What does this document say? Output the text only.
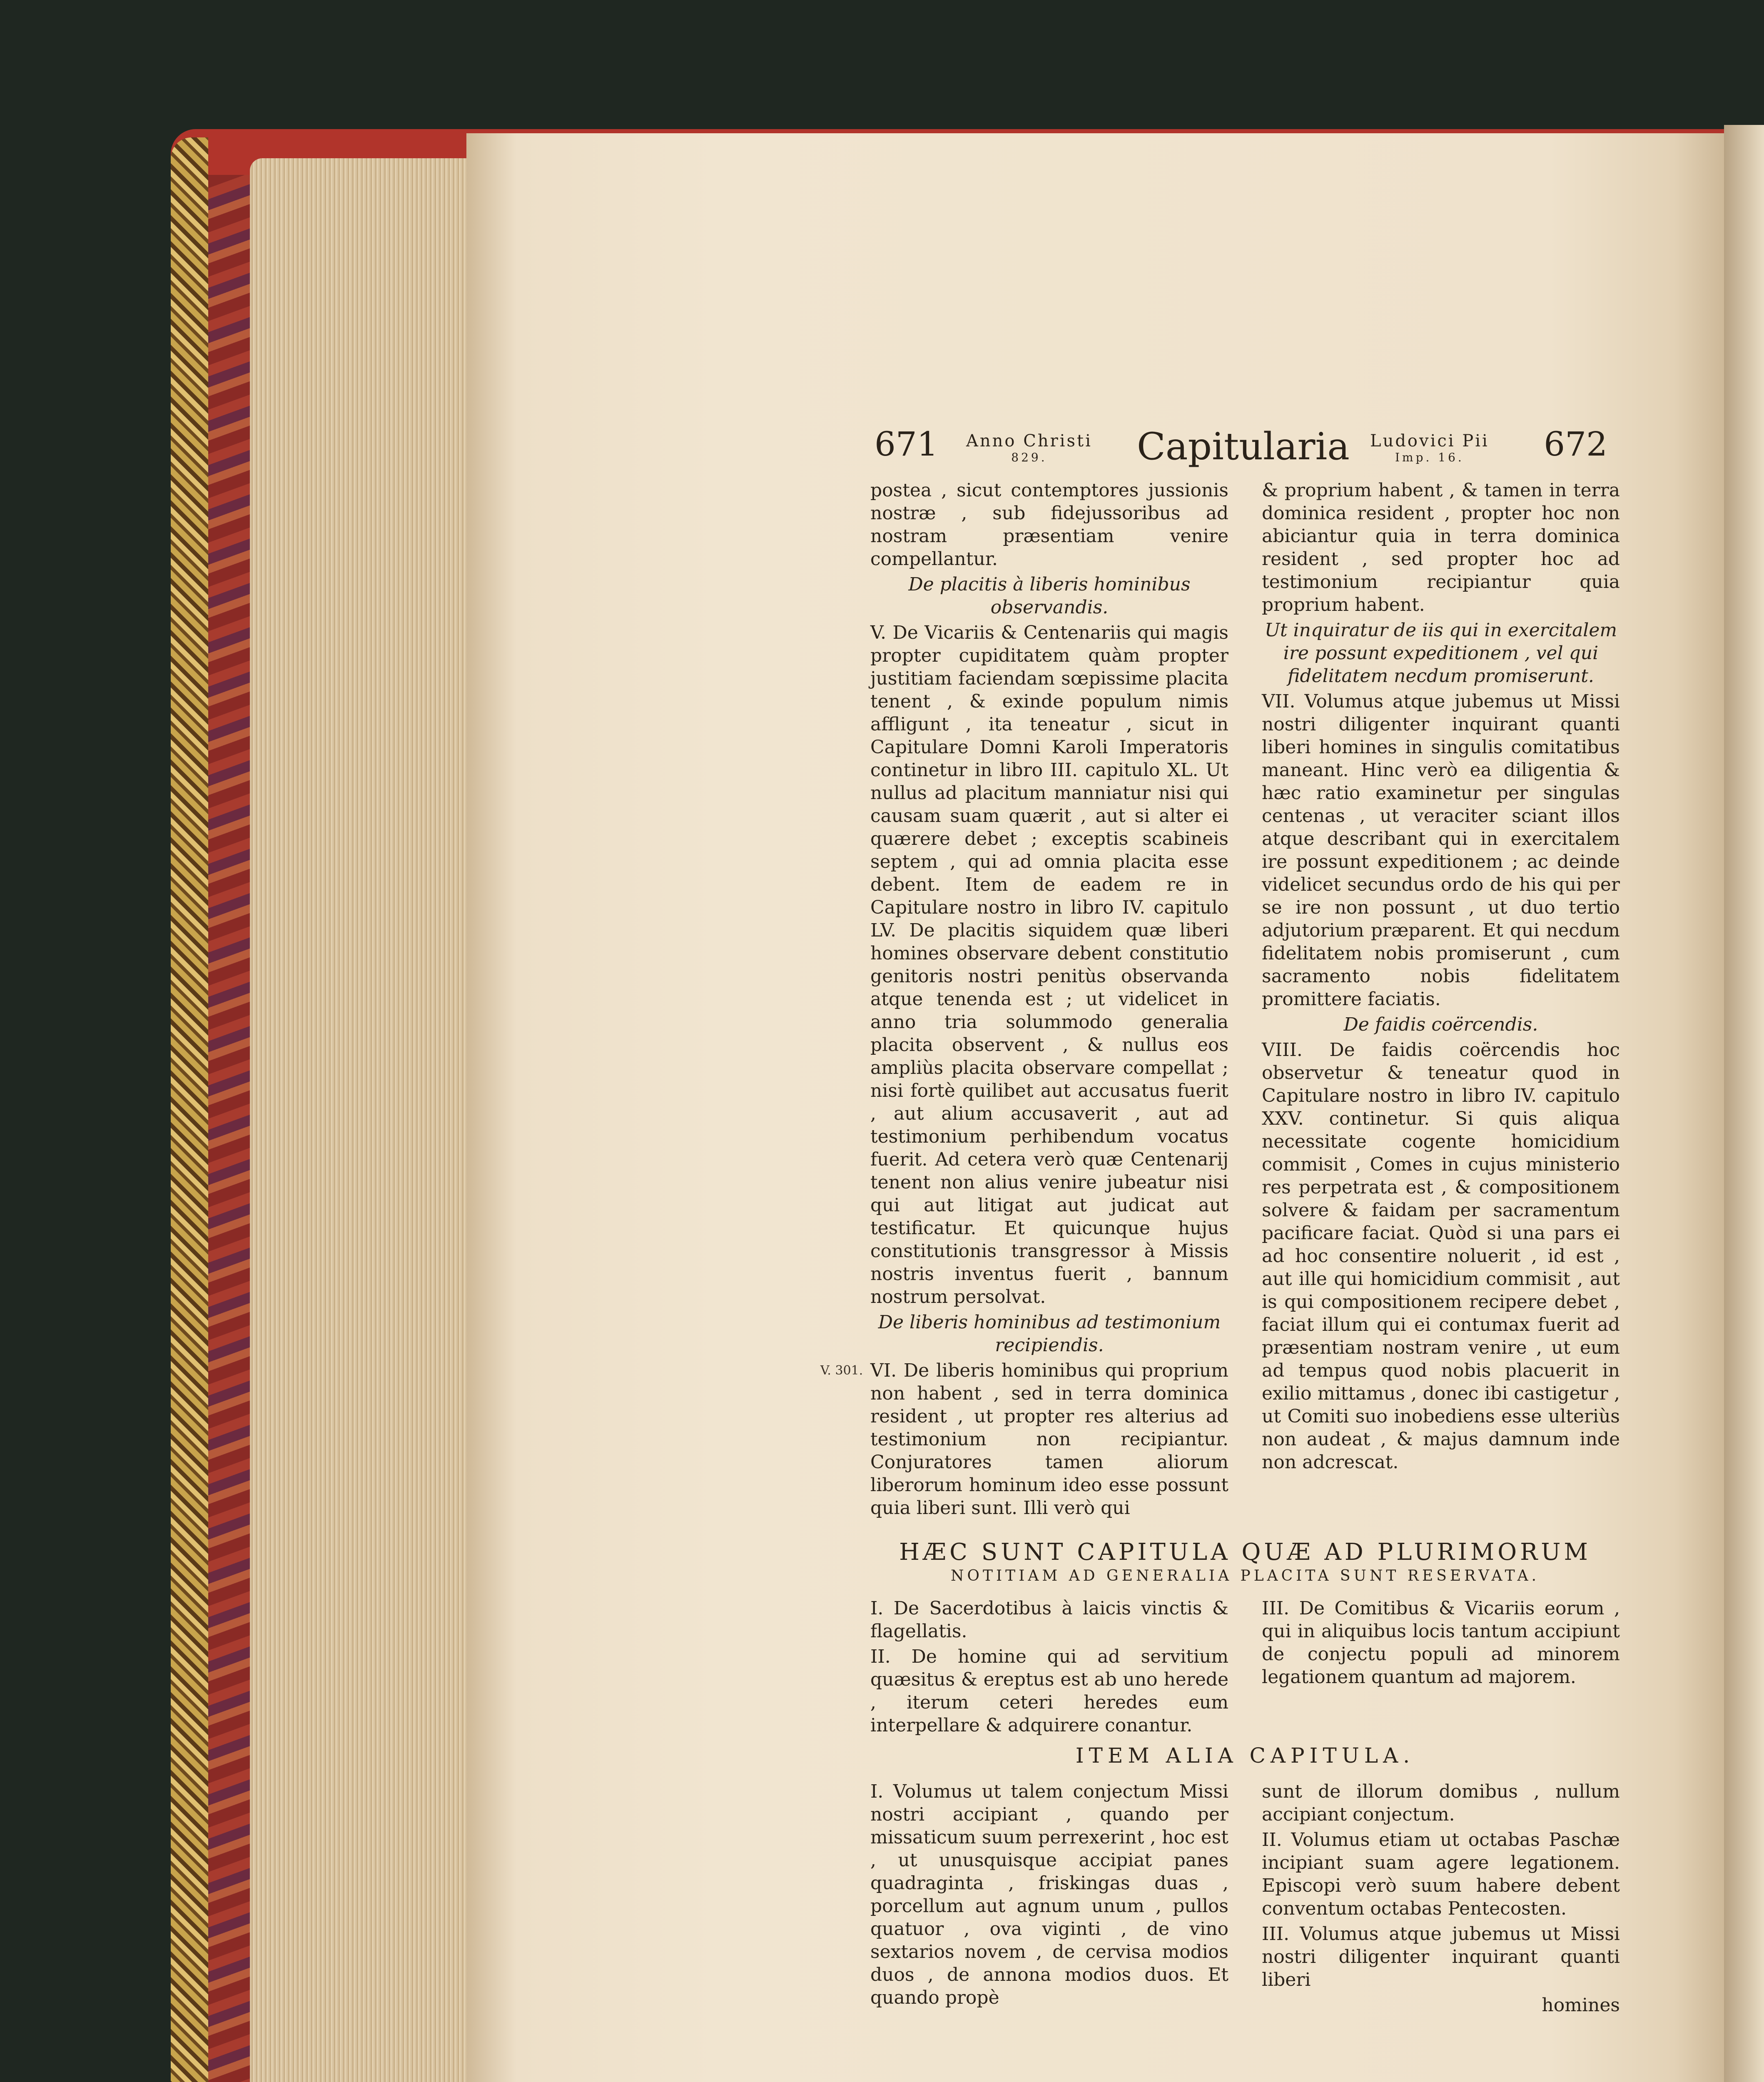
671 Anno Christi
829.	Capitularia Ludovici Pii
Imp. 16.	672

postea , sicut contemptores jussionis nostræ , sub fidejussoribus ad nostram præsentiam venire compellantur.

De placitis à liberis hominibus observandis.

V. De Vicariis & Centenariis qui magis propter cupiditatem quàm propter justitiam faciendam sœpissime placita tenent , & exinde populum nimis affligunt , ita teneatur , sicut in Capitulare Domni Karoli Imperatoris continetur in libro III. capitulo XL. Ut nullus ad placitum manniatur nisi qui causam suam quærit , aut si alter ei quærere debet ; exceptis scabineis septem , qui ad omnia placita esse debent. Item de eadem re in Capitulare nostro in libro IV. capitulo LV. De placitis siquidem quæ liberi homines observare debent constitutio genitoris nostri penitùs observanda atque tenenda est ; ut videlicet in anno tria solummodo generalia placita observent , & nullus eos ampliùs placita observare compellat ; nisi fortè quilibet aut accusatus fuerit , aut alium accusaverit , aut ad testimonium perhibendum vocatus fuerit. Ad cetera verò quæ Centenarij tenent non alius venire jubeatur nisi qui aut litigat aut judicat aut testificatur. Et quicunque hujus constitutionis transgressor à Missis nostris inventus fuerit , bannum nostrum persolvat.

De liberis hominibus ad testimonium recipiendis.

V. 301. VI. De liberis hominibus qui proprium non habent , sed in terra dominica resident , ut propter res alterius ad testimonium non recipiantur. Conjuratores tamen aliorum liberorum hominum ideo esse possunt quia liberi sunt. Illi verò qui

& proprium habent , & tamen in terra dominica resident , propter hoc non abiciantur quia in terra dominica resident , sed propter hoc ad testimonium recipiantur quia proprium habent.

Ut inquiratur de iis qui in exercitalem ire possunt expeditionem , vel qui fidelitatem necdum promiserunt.

VII. Volumus atque jubemus ut Missi nostri diligenter inquirant quanti liberi homines in singulis comitatibus maneant. Hinc verò ea diligentia & hæc ratio examinetur per singulas centenas , ut veraciter sciant illos atque describant qui in exercitalem ire possunt expeditionem ; ac deinde videlicet secundus ordo de his qui per se ire non possunt , ut duo tertio adjutorium præparent. Et qui necdum fidelitatem nobis promiserunt , cum sacramento nobis fidelitatem promittere faciatis.

De faidis coërcendis.

VIII. De faidis coërcendis hoc observetur & teneatur quod in Capitulare nostro in libro IV. capitulo XXV. continetur. Si quis aliqua necessitate cogente homicidium commisit , Comes in cujus ministerio res perpetrata est , & compositionem solvere & faidam per sacramentum pacificare faciat. Quòd si una pars ei ad hoc consentire noluerit , id est , aut ille qui homicidium commisit , aut is qui compositionem recipere debet , faciat illum qui ei contumax fuerit ad præsentiam nostram venire , ut eum ad tempus quod nobis placuerit in exilio mittamus , donec ibi castigetur , ut Comiti suo inobediens esse ulteriùs non audeat , & majus damnum inde non adcrescat.

HÆC SUNT CAPITULA QUÆ AD PLURIMORUM
NOTITIAM AD GENERALIA PLACITA SUNT RESERVATA.

I. De Sacerdotibus à laicis vinctis & flagellatis.

II. De homine qui ad servitium quæsitus & ereptus est ab uno herede , iterum ceteri heredes eum interpellare & adquirere conantur.

III. De Comitibus & Vicariis eorum , qui in aliquibus locis tantum accipiunt de conjectu populi ad minorem legationem quantum ad majorem.

ITEM ALIA CAPITULA.

I. Volumus ut talem conjectum Missi nostri accipiant , quando per missaticum suum perrexerint , hoc est , ut unusquisque accipiat panes quadraginta , friskingas duas , porcellum aut agnum unum , pullos quatuor , ova viginti , de vino sextarios novem , de cervisa modios duos , de annona modios duos. Et quando propè

sunt de illorum domibus , nullum accipiant conjectum.

II. Volumus etiam ut octabas Paschæ incipiant suam agere legationem. Episcopi verò suum habere debent conventum octabas Pentecosten.

III. Volumus atque jubemus ut Missi nostri diligenter inquirant quanti liberi

homines
